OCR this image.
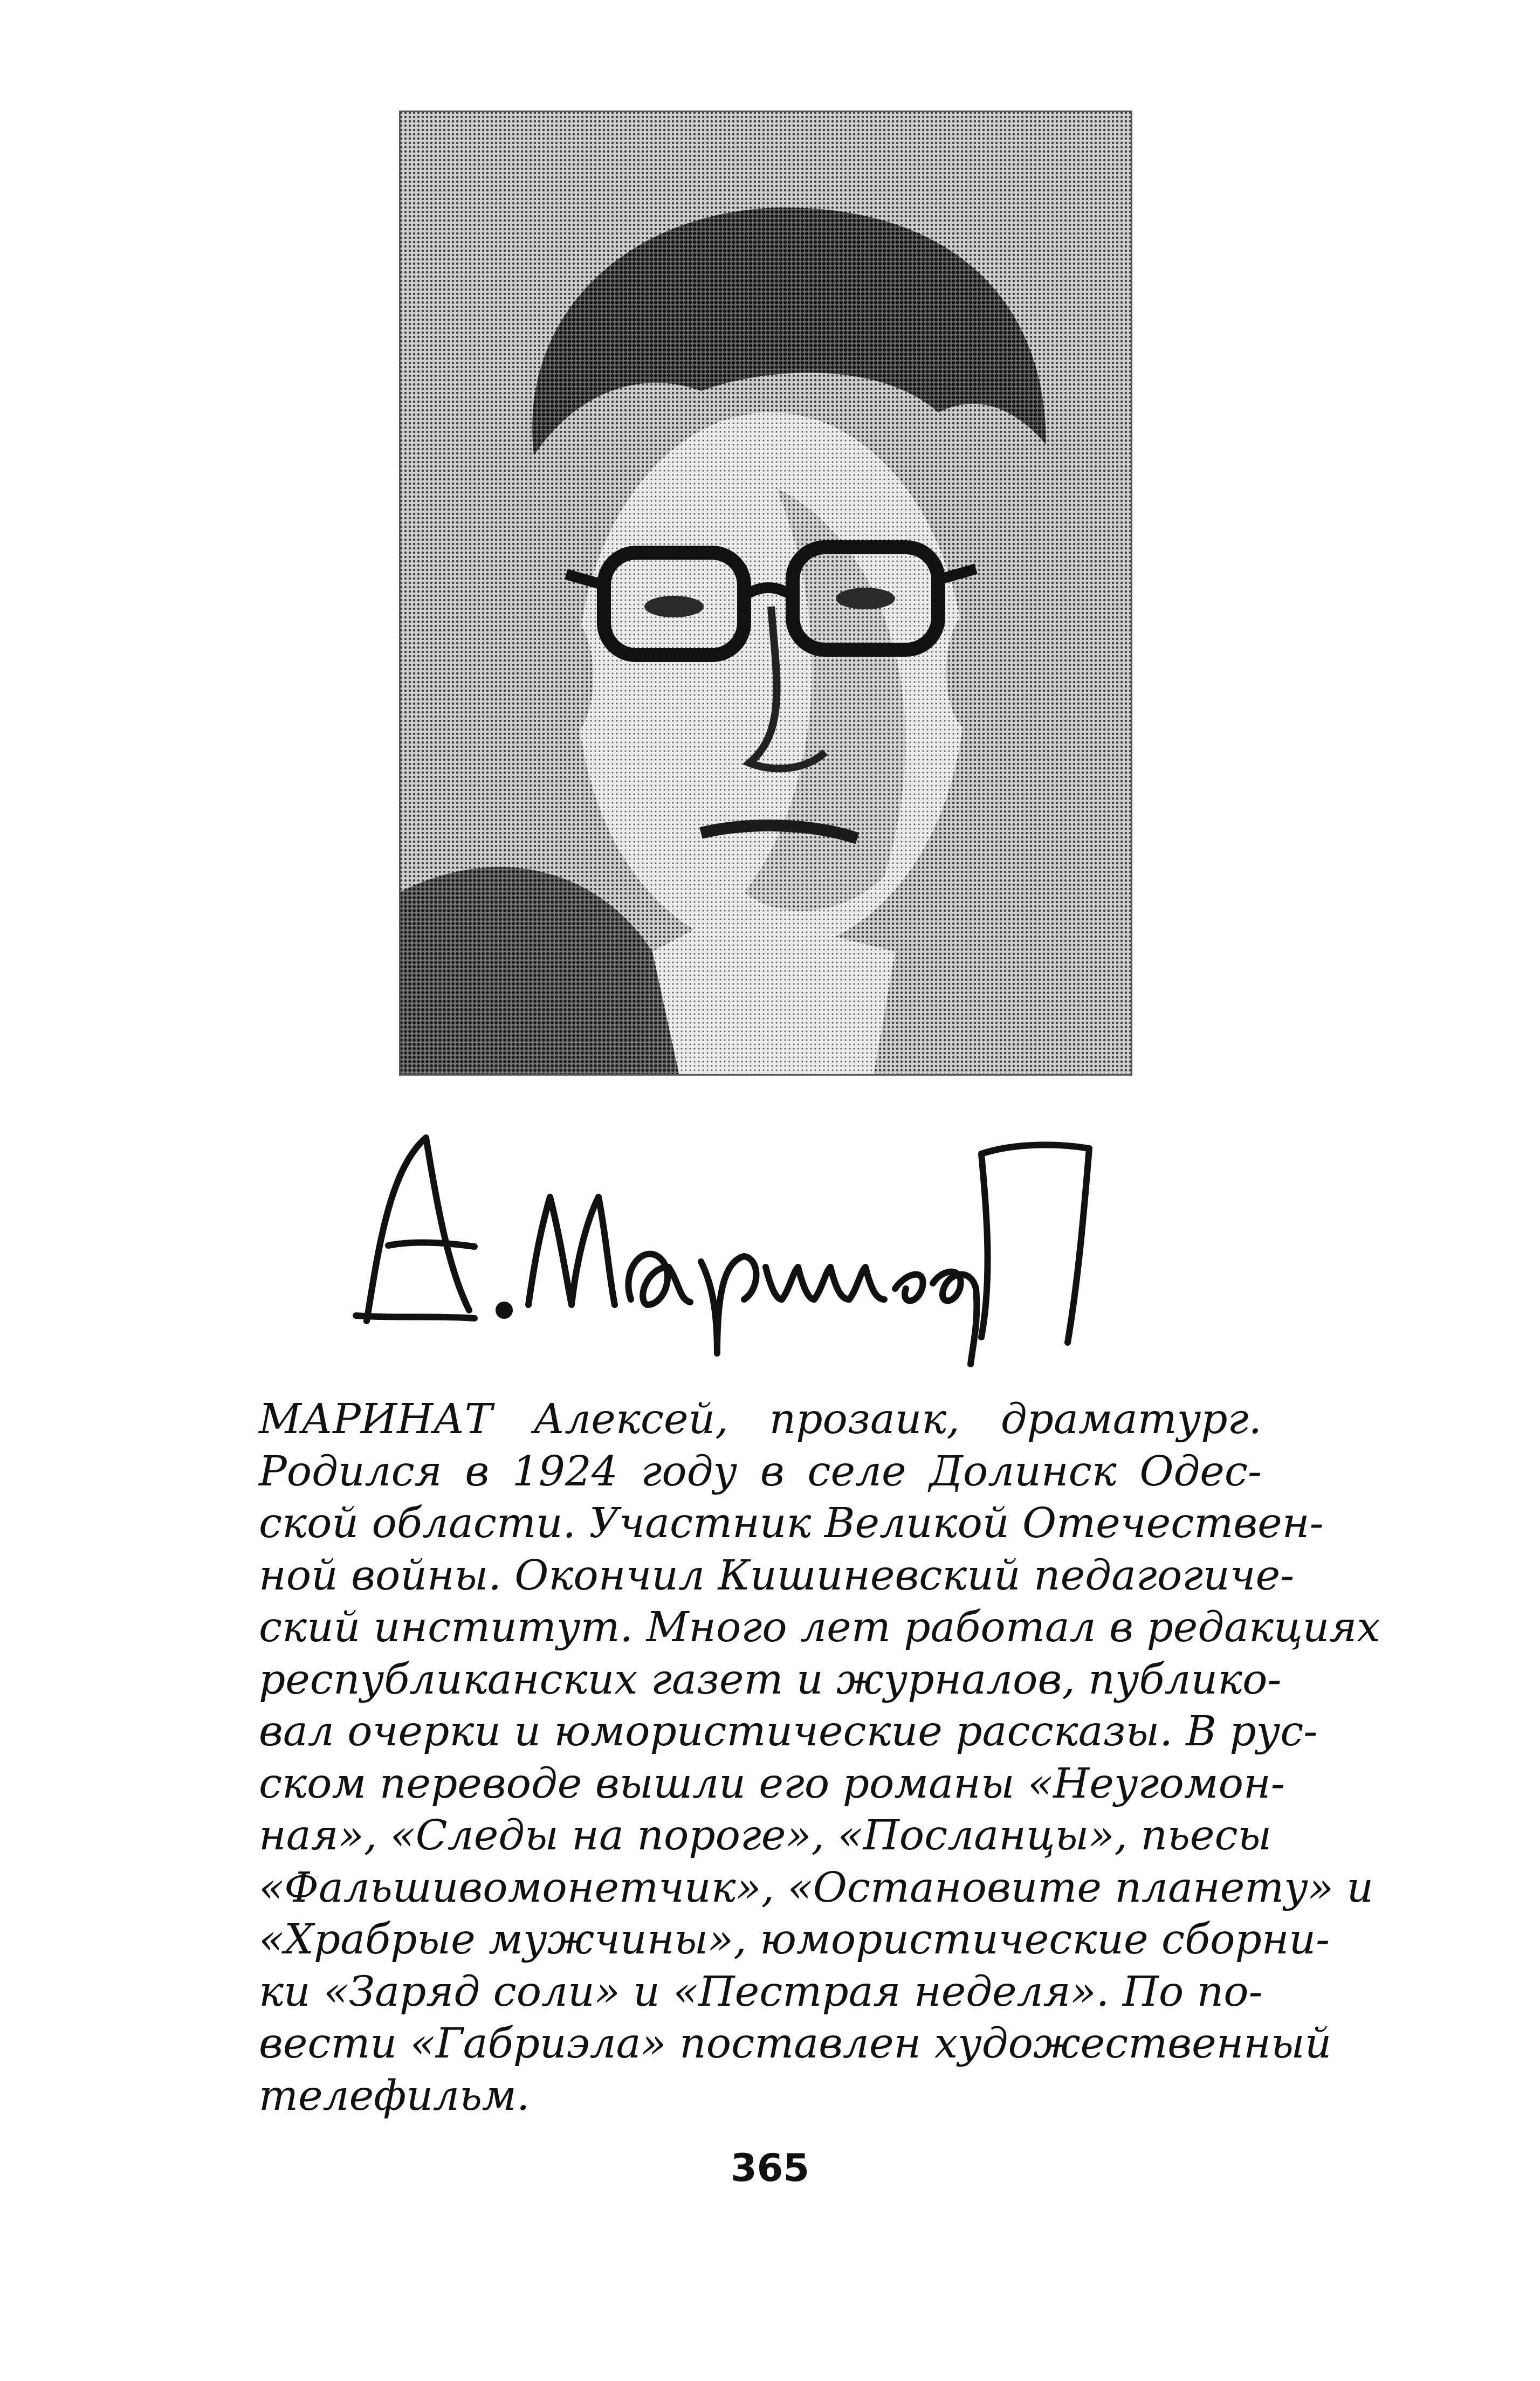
МАРИНАТ Алексей, прозаик, драматург.
Родился в 1924 году в селе Долинск Одес-
ской области. Участник Великой Отечествен-
ной войны. Окончил Кишиневский педагогиче-
ский институт. Много лет работал в редакциях
республиканских газет и журналов, публико-
вал очерки и юмористические рассказы. В рус-
ском переводе вышли его романы «Неугомон-
ная», «Следы на пороге», «Посланцы», пьесы
«Фальшивомонетчик», «Остановите планету» и
«Храбрые мужчины», юмористические сборни-
ки «Заряд соли» и «Пестрая неделя». По по-
вести «Габриэла» поставлен художественный
телефильм.
365
